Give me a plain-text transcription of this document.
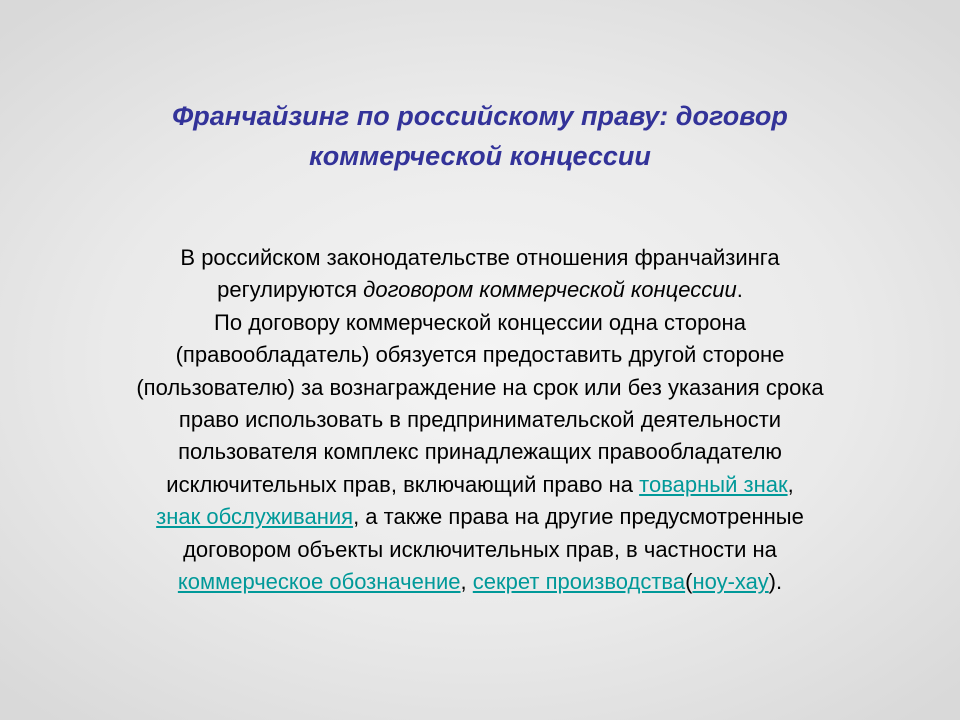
Франчайзинг по российскому праву: договор
коммерческой концессии
В российском законодательстве отношения франчайзинга
регулируются договором коммерческой концессии.
По договору коммерческой концессии одна сторона
(правообладатель) обязуется предоставить другой стороне
(пользователю) за вознаграждение на срок или без указания срока
право использовать в предпринимательской деятельности
пользователя комплекс принадлежащих правообладателю
исключительных прав, включающий право на товарный знак,
знак обслуживания, а также права на другие предусмотренные
договором объекты исключительных прав, в частности на
коммерческое обозначение, секрет производства(ноу-хау).
